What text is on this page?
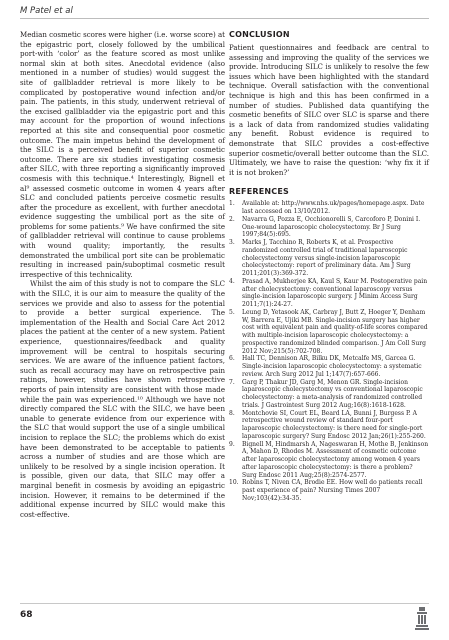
M Patel et al

Median cosmetic scores were higher (i.e. worse score) at the epigastric port, closely followed by the umbilical port-with ‘color’ as the feature scored as most unlike normal skin at both sites. Anecdotal evidence (also mentioned in a number of studies) would suggest the site of gallbladder retrieval is more likely to be complicated by postoperative wound infection and/or pain. The patients, in this study, underwent retrieval of the excised gallbladder via the epigastric port and this may account for the proportion of wound infections reported at this site and consequential poor cosmetic outcome. The main impetus behind the development of the SILC is a perceived benefit of superior cosmetic outcome. There are six studies investigating cosmesis after SILC, with three reporting a significantly improved cosmesis with this technique.⁴ Interestingly, Bignell et al⁹ assessed cosmetic outcome in women 4 years after SLC and concluded patients perceive cosmetic results after the procedure as excellent, with further anecdotal evidence suggesting the umbilical port as the site of problems for some patients.⁹ We have confirmed the site of gallbladder retrieval will continue to cause problems with wound quality; importantly, the results demonstrated the umbilical port site can be problematic resulting in increased pain/suboptimal cosmetic result irrespective of this technicality.

Whilst the aim of this study is not to compare the SLC with the SILC, it is our aim to measure the quality of the services we provide and also to assess for the potential to provide a better surgical experience. The implementation of the Health and Social Care Act 2012 places the patient at the center of a new system. Patient experience, questionnaires/feedback and quality improvement will be central to hospitals securing services. We are aware of the influence patient factors, such as recall accuracy may have on retrospective pain ratings, however, studies have shown retrospective reports of pain intensity are consistent with those made while the pain was experienced.¹⁰ Although we have not directly compared the SLC with the SILC, we have been unable to generate evidence from our experience with the SLC that would support the use of a single umbilical incision to replace the SLC; the problems which do exist have been demonstrated to be acceptable to patients across a number of studies and are those which are unlikely to be resolved by a single incision operation. It is possible, given our data, that SILC may offer a marginal benefit in cosmesis by avoiding an epigastric incision. However, it remains to be determined if the additional expense incurred by SILC would make this cost-effective.

CONCLUSION
Patient questionnaires and feedback are central to assessing and improving the quality of the services we provide. Introducing SILC is unlikely to resolve the few issues which have been highlighted with the standard technique. Overall satisfaction with the conventional technique is high and this has been confirmed in a number of studies. Published data quantifying the cosmetic benefits of SILC over SLC is sparse and there is a lack of data from randomized studies validating any benefit. Robust evidence is required to demonstrate that SILC provides a cost-effective superior cosmetic/overall better outcome than the SLC. Ultimately, we have to raise the question: ‘why fix it if it is not broken?’
REFERENCES
1. Available at: http://www.nhs.uk/pages/homepage.aspx. Date last accessed on 13/10/2012.
2. Navarra G, Pozza E, Occhionorelli S, Carcoforo P, Donini I. One-wound laparoscopic cholecystectomy. Br J Surg 1997;84(5):695.
3. Marks J, Tacchino R, Roberts K, et al. Prospective randomized controlled trial of traditional laparoscopic cholecystectomy versus single-incision laparoscopic cholecystectomy: report of preliminary data. Am J Surg 2011;201(3):369-372.
4. Prasad A, Mukherjee KA, Kaul S, Kaur M. Postoperative pain after cholecystectomy: conventional laparoscopy versus single-incision laparoscopic surgery. J Minim Access Surg 2011;7(1):24-27.
5. Leung D, Yetasook AK, Carbray J, Butt Z, Hoeger Y, Denham W, Barrera E, Ujiki MB. Single-incision surgery has higher cost with equivalent pain and quality-of-life scores compared with multiple-incision laparoscopic cholecystectomy: a prospective randomized blinded comparison. J Am Coll Surg 2012 Nov;215(5):702-708.
6. Hall TC, Dennison AR, Bilku DK, Metcalfe MS, Garcea G. Single-incision laparoscopic cholecystectomy: a systematic review. Arch Surg 2012 Jul 1;147(7):657-666.
7. Garg P, Thakur JD, Garg M, Menon GR. Single-incision laparoscopic cholecystectomy vs conventional laparoscopic cholecystectomy: a meta-analysis of randomized controlled trials. J Gastrointest Surg 2012 Aug;16(8):1618-1628.
8. Montchovie SI, Court EL, Beard LA, Bunni J, Burgess P. A retrospective wound review of standard four-port laparoscopic cholecystectomy: is there need for single-port laparoscopic surgery? Surg Endosc 2012 Jan;26(1):255-260.
9. Bignell M, Hindmarsh A, Nageswaran H, Mothe B, Jenkinson A, Mahon D, Rhodes M. Assessment of cosmetic outcome after laparoscopic cholecystectomy among women 4 years after laparoscopic cholecystectomy: is there a problem? Surg Endosc 2011 Aug;25(8):2574-2577.
10. Robins T, Niven CA, Brodie EE. How well do patients recall past experience of pain? Nursing Times 2007 Nov;103(42):34-35.
68
